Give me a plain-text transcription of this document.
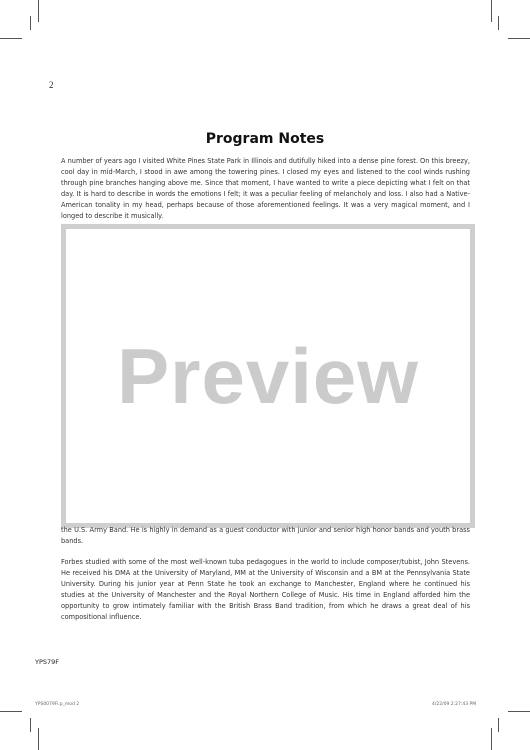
2
Program Notes

A number of years ago I visited White Pines State Park in Illinois and dutifully hiked into a dense pine forest. On this breezy, cool day in mid-March, I stood in awe among the towering pines. I closed my eyes and listened to the cool winds rushing through pine branches hanging above me. Since that moment, I have wanted to write a piece depicting what I felt on that day. It is hard to describe in words the emotions I felt; it was a peculiar feeling of melancholy and loss. I also had a Native-American tonality in my head, perhaps because of those aforementioned feelings. It was a very magical moment, and I longed to describe it musically.

Preview

the U.S. Army Band. He is highly in demand as a guest conductor with junior and senior high honor bands and youth brass bands.

Forbes studied with some of the most well-known tuba pedagogues in the world to include composer/tubist, John Stevens. He received his DMA at the University of Maryland, MM at the University of Wisconsin and a BM at the Pennsylvania State University. During his junior year at Penn State he took an exchange to Manchester, England where he continued his studies at the University of Manchester and the Royal Northern College of Music. His time in England afforded him the opportunity to grow intimately familiar with the British Brass Band tradition, from which he draws a great deal of his compositional influence.

YPS79F
YPS0079Fi.p_mod 2	4/22/09 2:27:43 PM
